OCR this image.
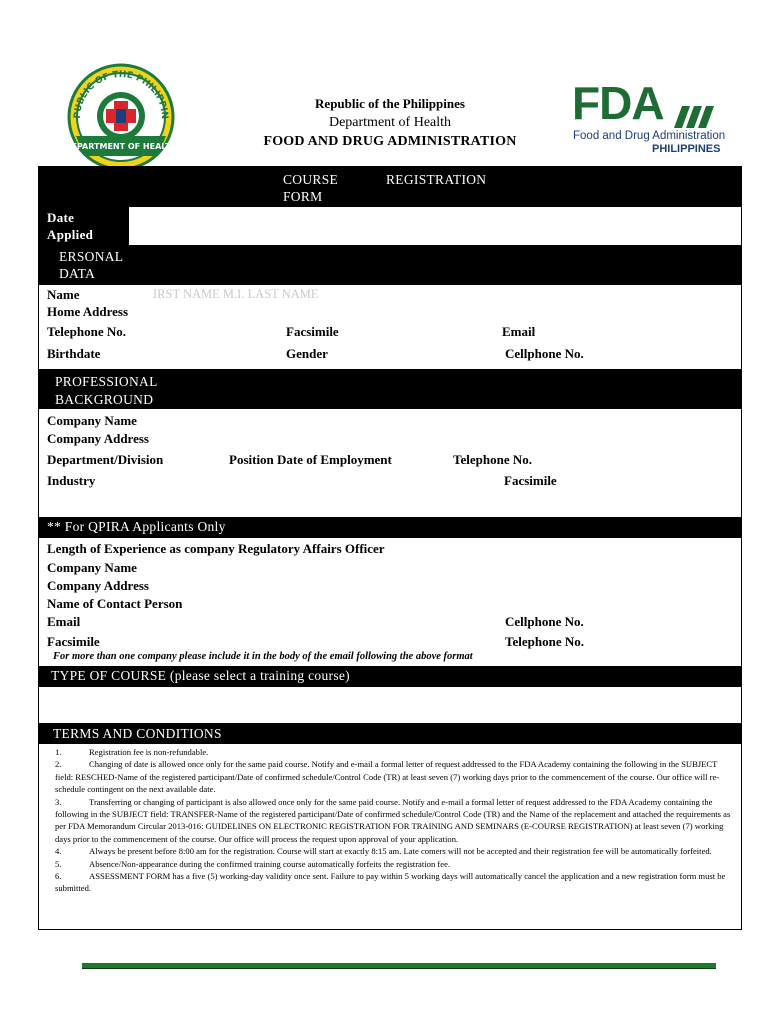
PUBLIC OF THE PHILIPPIN
DEPARTMENT OF HEALTH
Republic of the Philippines
Department of Health
FOOD AND DRUG ADMINISTRATION
FDA
Food and Drug Administration
PHILIPPINES
COURSE	REGISTRATION
FORM
Date
Applied
ERSONAL
DATA
Name	IRST NAME M.I. LAST NAME
Home Address
Telephone No.	Facsimile	Email
Birthdate	Gender	Cellphone No.
PROFESSIONAL
BACKGROUND
Company Name
Company Address
Department/Division	Position Date of Employment	Telephone No.
Industry	Facsimile
** For QPIRA Applicants Only
Length of Experience as company Regulatory Affairs Officer
Company Name
Company Address
Name of Contact Person
Email	Cellphone No.
Facsimile	Telephone No.
For more than one company please include it in the body of the email following the above format
TYPE OF COURSE (please select a training course)
TERMS AND CONDITIONS

1.	Registration fee is non-refundable.

2.	Changing of date is allowed once only for the same paid course. Notify and e-mail a formal letter of request addressed to the FDA Academy containing the following in the SUBJECT field: RESCHED-Name of the registered participant/Date of confirmed schedule/Control Code (TR) at least seven (7) working days prior to the commencement of the course. Our office will re-schedule contingent on the next available date.

3.	Transferring or changing of participant is also allowed once only for the same paid course. Notify and e-mail a formal letter of request addressed to the FDA Academy containing the following in the SUBJECT field: TRANSFER-Name of the registered participant/Date of confirmed schedule/Control Code (TR) and the Name of the replacement and attached the requirements as per FDA Memorandum Circular 2013-016: GUIDELINES ON ELECTRONIC REGISTRATION FOR TRAINING AND SEMINARS (E-COURSE REGISTRATION) at least seven (7) working days prior to the commencement of the course. Our office will process the request upon approval of your application.

4.	Always be present before 8:00 am for the registration. Course will start at exactly 8:15 am. Late comers will not be accepted and their registration fee will be automatically forfeited.

5.	Absence/Non-appearance during the confirmed training course automatically forfeits the registration fee.

6.	ASSESSMENT FORM has a five (5) working-day validity once sent. Failure to pay within 5 working days will automatically cancel the application and a new registration form must be submitted.
